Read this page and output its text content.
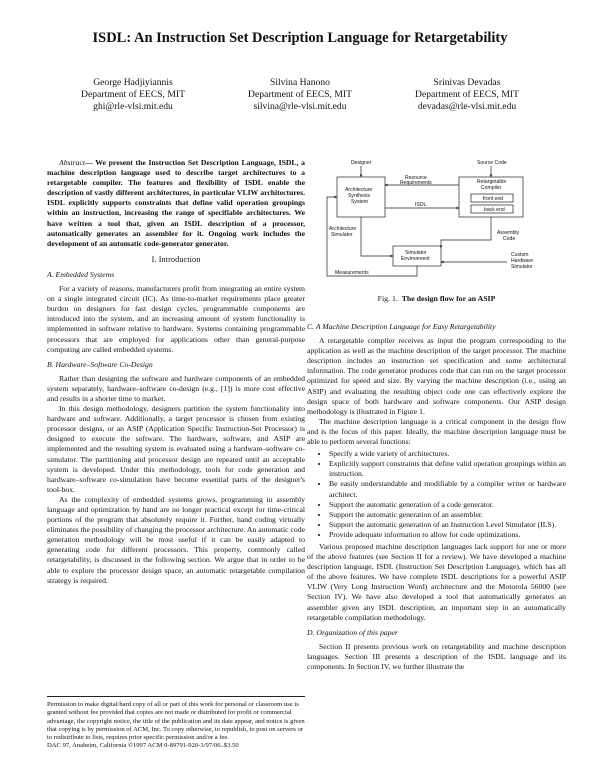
ISDL: An Instruction Set Description Language for Retargetability
George Hadjiyiannis
Department of EECS, MIT
ghi@rle-vlsi.mit.edu
Silvina Hanono
Department of EECS, MIT
silvina@rle-vlsi.mit.edu
Srinivas Devadas
Department of EECS, MIT
devadas@rle-vlsi.mit.edu

Abstract— We present the Instruction Set Description Language, ISDL, a machine description language used to describe target architectures to a retargetable compiler. The features and flexibility of ISDL enable the description of vastly different architectures, in particular VLIW architectures. ISDL explicitly supports constraints that define valid operation groupings within an instruction, increasing the range of specifiable architectures. We have written a tool that, given an ISDL description of a processor, automatically generates an assembler for it. Ongoing work includes the development of an automatic code-generator generator.

I. Introduction
A. Embedded Systems

For a variety of reasons, manufacturers profit from integrating an entire system on a single integrated circuit (IC). As time-to-market requirements place greater burden on designers for fast design cycles, programmable components are introduced into the system, and an increasing amount of system functionality is implemented in software relative to hardware. Systems containing programmable processors that are employed for applications other than general-purpose computing are called embedded systems.

B. Hardware–Software Co-Design

Rather than designing the software and hardware components of an embedded system separately, hardware–software co-design (e.g., [1]) is more cost effective and results in a shorter time to market.

In this design methodology, designers partition the system functionality into hardware and software. Additionally, a target processor is chosen from existing processor designs, or an ASIP (Application Specific Instruction-Set Processor) is designed to execute the software. The hardware, software, and ASIP are implemented and the resulting system is evaluated using a hardware–software co-simulator. The partitioning and processor design are repeated until an acceptable system is developed. Under this methodology, tools for code generation and hardware–software co-simulation have become essential parts of the designer's tool-box.

As the complexity of embedded systems grows, programming in assembly language and optimization by hand are no longer practical except for time-critical portions of the program that absolutely require it. Further, hand coding virtually eliminates the possibility of changing the processor architecture. An automatic code generation methodology will be most useful if it can be easily adapted to generating code for different processors. This property, commonly called retargetability, is discussed in the following section. We argue that in order to be able to explore the processor design space, an automatic retargetable compilation strategy is required.

Permission to make digital/hard copy of all or part of this work for personal or classroom use is granted without fee provided that copies are not made or distributed for profit or commercial advantage, the copyright notice, the title of the publication and its date appear, and notice is given that copying is by permission of ACM, Inc. To copy otherwise, to republish, to post on servers or to redistribute to lists, requires prior specific permission and/or a fee.

DAC 97, Anaheim, California ©1997 ACM 0-89791-920-3/97/06..$3.50

Designer	Source Code
Resource
Requirements
ISDL
Architecture
Synthesis
System
Retargetable
Compiler
front end
back end
Architecture
Simulator	Assembly
Code
Simulator
Environment
Custom
Hardware
Simulator
Measurements
Fig. 1. The design flow for an ASIP
C. A Machine Description Language for Easy Retargetability

A retargetable compiler receives as input the program corresponding to the application as well as the machine description of the target processor. The machine description includes an instruction set specification and some architectural information. The code generator produces code that can run on the target processor optimized for speed and size. By varying the machine description (i.e., using an ASIP) and evaluating the resulting object code one can effectively explore the design space of both hardware and software components. Our ASIP design methodology is illustrated in Figure 1.

The machine description language is a critical component in the design flow and is the focus of this paper. Ideally, the machine description language must be able to perform several functions:

• Specify a wide variety of architectures.
• Explicitly support constraints that define valid operation groupings within an instruction.
• Be easily understandable and modifiable by a compiler writer or hardware architect.
• Support the automatic generation of a code generator.
• Support the automatic generation of an assembler.
• Support the automatic generation of an Instruction Level Simulator (ILS).
• Provide adequate information to allow for code optimizations.

Various proposed machine description languages lack support for one or more of the above features (see Section II for a review). We have developed a machine description language, ISDL (Instruction Set Description Language), which has all of the above features. We have complete ISDL descriptions for a powerful ASIP VLIW (Very Long Instruction Word) architecture and the Motorola 56000 (see Section IV). We have also developed a tool that automatically generates an assembler given any ISDL description, an important step in an automatically retargetable compilation methodology.

D. Organization of this paper

Section II presents previous work on retargetability and machine description languages. Section III presents a description of the ISDL language and its components. In Section IV, we further illustrate the
